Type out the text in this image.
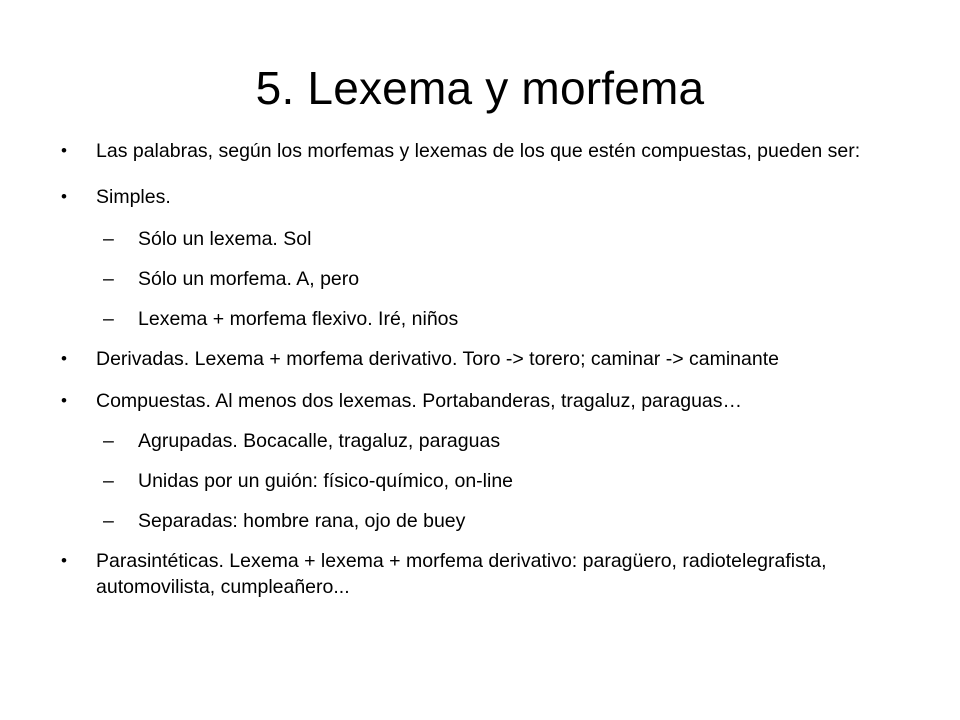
5. Lexema y morfema
• Las palabras, según los morfemas y lexemas de los que estén compuestas, pueden ser:
• Simples.
– Sólo un lexema. Sol
– Sólo un morfema. A, pero
– Lexema + morfema flexivo. Iré, niños
• Derivadas. Lexema + morfema derivativo. Toro -> torero; caminar -> caminante
• Compuestas. Al menos dos lexemas. Portabanderas, tragaluz, paraguas…
– Agrupadas. Bocacalle, tragaluz, paraguas
– Unidas por un guión: físico-químico, on-line
– Separadas: hombre rana, ojo de buey
• Parasintéticas. Lexema + lexema + morfema derivativo: paragüero, radiotelegrafista, automovilista, cumpleañero...
